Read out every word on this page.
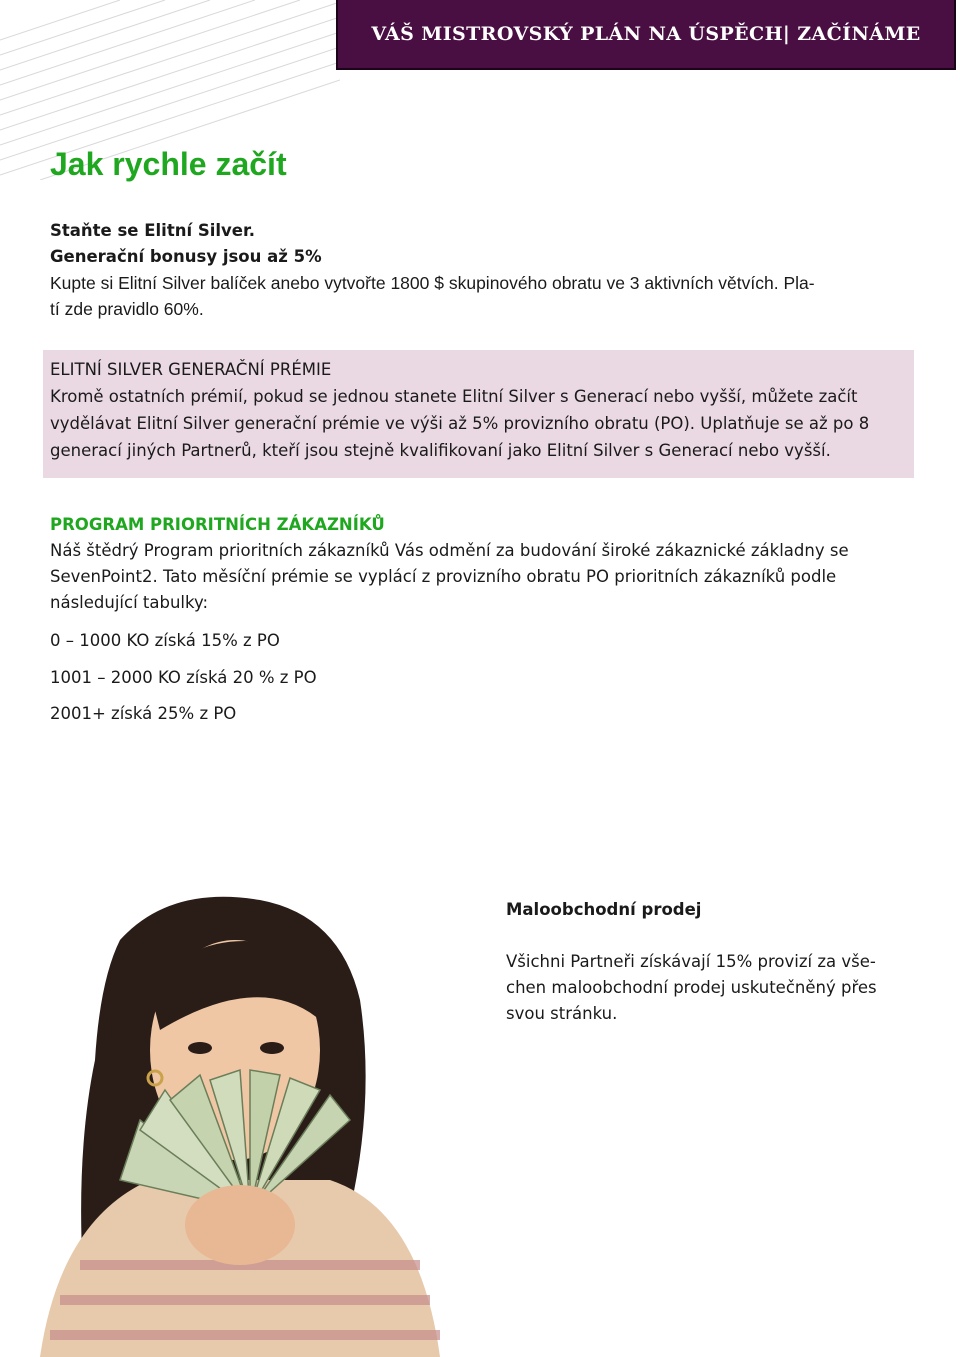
VÁŠ MISTROVSKÝ PLÁN NA ÚSPĚCH| ZAČÍNÁME
Jak rychle začít

Staňte se Elitní Silver.

Generační bonusy jsou až 5%

Kupte si Elitní Silver balíček anebo vytvořte 1800 $ skupinového obratu ve 3 aktivních větvích. Pla-

tí zde pravidlo 60%.

ELITNÍ SILVER GENERAČNÍ PRÉMIE

Kromě ostatních prémií, pokud se jednou stanete Elitní Silver s Generací nebo vyšší, můžete začít

vydělávat Elitní Silver generační prémie ve výši až 5% provizního obratu (PO). Uplatňuje se až po 8

generací jiných Partnerů, kteří jsou stejně kvalifikovaní jako Elitní Silver s Generací nebo vyšší.

PROGRAM PRIORITNÍCH ZÁKAZNÍKŮ

Náš štědrý Program prioritních zákazníků Vás odmění za budování široké zákaznické základny se

SevenPoint2. Tato měsíční prémie se vyplácí z provizního obratu PO prioritních zákazníků podle

následující tabulky:

0 – 1000 KO získá 15% z PO
1001 – 2000 KO získá 20 % z PO
2001+ získá 25% z PO

Maloobchodní prodej

Všichni Partneři získávají 15% provizí za vše-

chen maloobchodní prodej uskutečněný přes

svou stránku.
